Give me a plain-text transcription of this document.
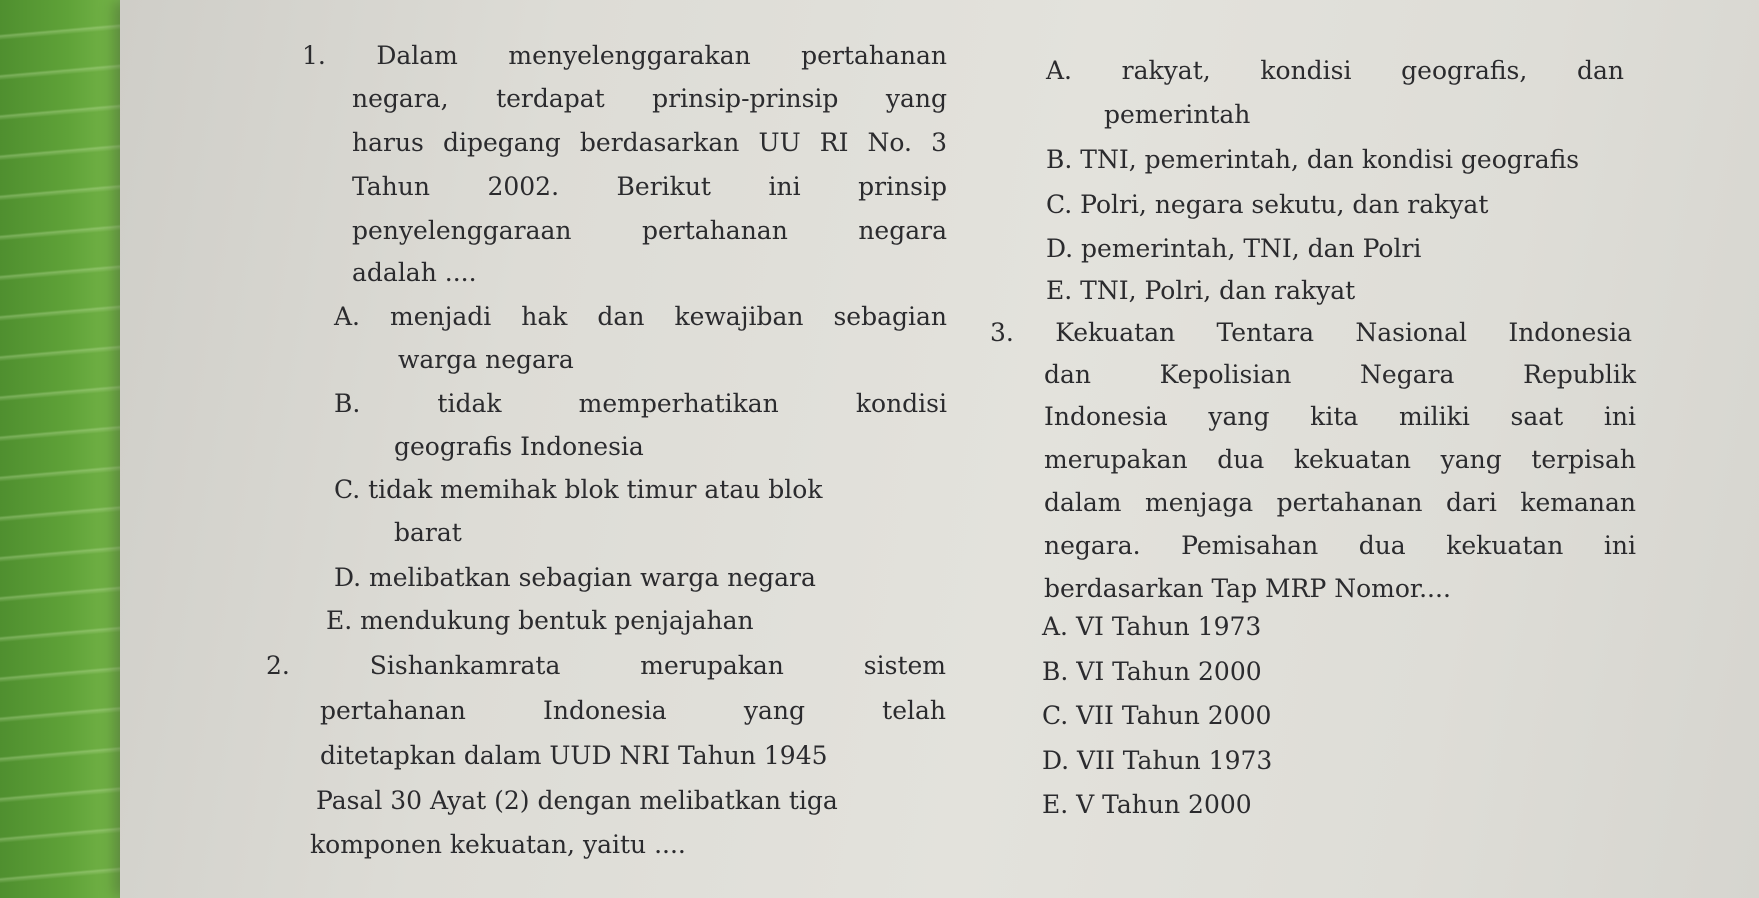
1. Dalam menyelenggarakan pertahanan
negara, terdapat prinsip-prinsip yang
harus dipegang berdasarkan UU RI No. 3
Tahun 2002. Berikut ini prinsip
penyelenggaraan pertahanan negara
adalah ....
A. menjadi hak dan kewajiban sebagian
warga negara
B. tidak memperhatikan kondisi
geografis Indonesia
C. tidak memihak blok timur atau blok
barat
D. melibatkan sebagian warga negara
E. mendukung bentuk penjajahan
2. Sishankamrata merupakan sistem
pertahanan Indonesia yang telah
ditetapkan dalam UUD NRI Tahun 1945
Pasal 30 Ayat (2) dengan melibatkan tiga
komponen kekuatan, yaitu ....
A. rakyat, kondisi geografis, dan
pemerintah
B. TNI, pemerintah, dan kondisi geografis
C. Polri, negara sekutu, dan rakyat
D. pemerintah, TNI, dan Polri
E. TNI, Polri, dan rakyat
3. Kekuatan Tentara Nasional Indonesia
dan Kepolisian Negara Republik
Indonesia yang kita miliki saat ini
merupakan dua kekuatan yang terpisah
dalam menjaga pertahanan dari kemanan
negara. Pemisahan dua kekuatan ini
berdasarkan Tap MRP Nomor....
A. VI Tahun 1973
B. VI Tahun 2000
C. VII Tahun 2000
D. VII Tahun 1973
E. V Tahun 2000
